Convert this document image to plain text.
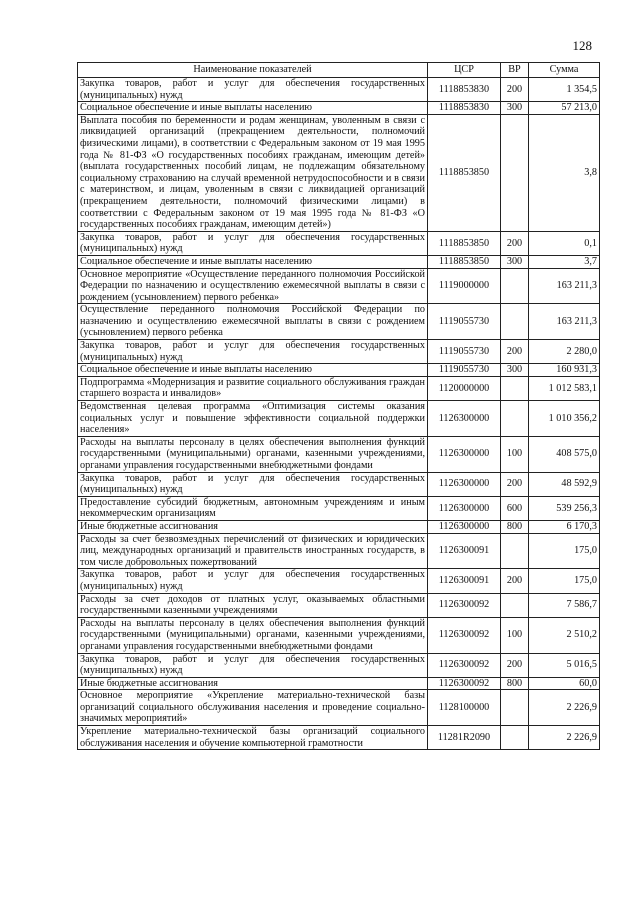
128
Наименование показателей	ЦСР	ВР	Сумма
Закупка товаров, работ и услуг для обеспечения государственных (муниципальных) нужд	1118853830	200	1 354,5
Социальное обеспечение и иные выплаты населению	1118853830	300	57 213,0
Выплата пособия по беременности и родам женщинам, уволенным в связи с ликвидацией организаций (прекращением деятельности, полномочий физическими лицами), в соответствии с Федеральным законом от 19 мая 1995 года № 81-ФЗ «О государственных пособиях гражданам, имеющим детей» (выплата государственных пособий лицам, не подлежащим обязательному социальному страхованию на случай временной нетрудоспособности и в связи с материнством, и лицам, уволенным в связи с ликвидацией организаций (прекращением деятельности, полномочий физическими лицами) в соответствии с Федеральным законом от 19 мая 1995 года № 81-ФЗ «О государственных пособиях гражданам, имеющим детей»)	1118853850		3,8
Закупка товаров, работ и услуг для обеспечения государственных (муниципальных) нужд	1118853850	200	0,1
Социальное обеспечение и иные выплаты населению	1118853850	300	3,7
Основное мероприятие «Осуществление переданного полномочия Российской Федерации по назначению и осуществлению ежемесячной выплаты в связи с рождением (усыновлением) первого ребенка»	1119000000		163 211,3
Осуществление переданного полномочия Российской Федерации по назначению и осуществлению ежемесячной выплаты в связи с рождением (усыновлением) первого ребенка	1119055730		163 211,3
Закупка товаров, работ и услуг для обеспечения государственных (муниципальных) нужд	1119055730	200	2 280,0
Социальное обеспечение и иные выплаты населению	1119055730	300	160 931,3
Подпрограмма «Модернизация и развитие социального обслуживания граждан старшего возраста и инвалидов»	1120000000		1 012 583,1
Ведомственная целевая программа «Оптимизация системы оказания социальных услуг и повышение эффективности социальной поддержки населения»	1126300000		1 010 356,2
Расходы на выплаты персоналу в целях обеспечения выполнения функций государственными (муниципальными) органами, казенными учреждениями, органами управления государственными внебюджетными фондами	1126300000	100	408 575,0
Закупка товаров, работ и услуг для обеспечения государственных (муниципальных) нужд	1126300000	200	48 592,9
Предоставление субсидий бюджетным, автономным учреждениям и иным некоммерческим организациям	1126300000	600	539 256,3
Иные бюджетные ассигнования	1126300000	800	6 170,3
Расходы за счет безвозмездных перечислений от физических и юридических лиц, международных организаций и правительств иностранных государств, в том числе добровольных пожертвований	1126300091		175,0
Закупка товаров, работ и услуг для обеспечения государственных (муниципальных) нужд	1126300091	200	175,0
Расходы за счет доходов от платных услуг, оказываемых областными государственными казенными учреждениями	1126300092		7 586,7
Расходы на выплаты персоналу в целях обеспечения выполнения функций государственными (муниципальными) органами, казенными учреждениями, органами управления государственными внебюджетными фондами	1126300092	100	2 510,2
Закупка товаров, работ и услуг для обеспечения государственных (муниципальных) нужд	1126300092	200	5 016,5
Иные бюджетные ассигнования	1126300092	800	60,0
Основное мероприятие «Укрепление материально-технической базы организаций социального обслуживания населения и проведение социально-значимых мероприятий»	1128100000		2 226,9
Укрепление материально-технической базы организаций социального обслуживания населения и обучение компьютерной грамотности	11281R2090		2 226,9
